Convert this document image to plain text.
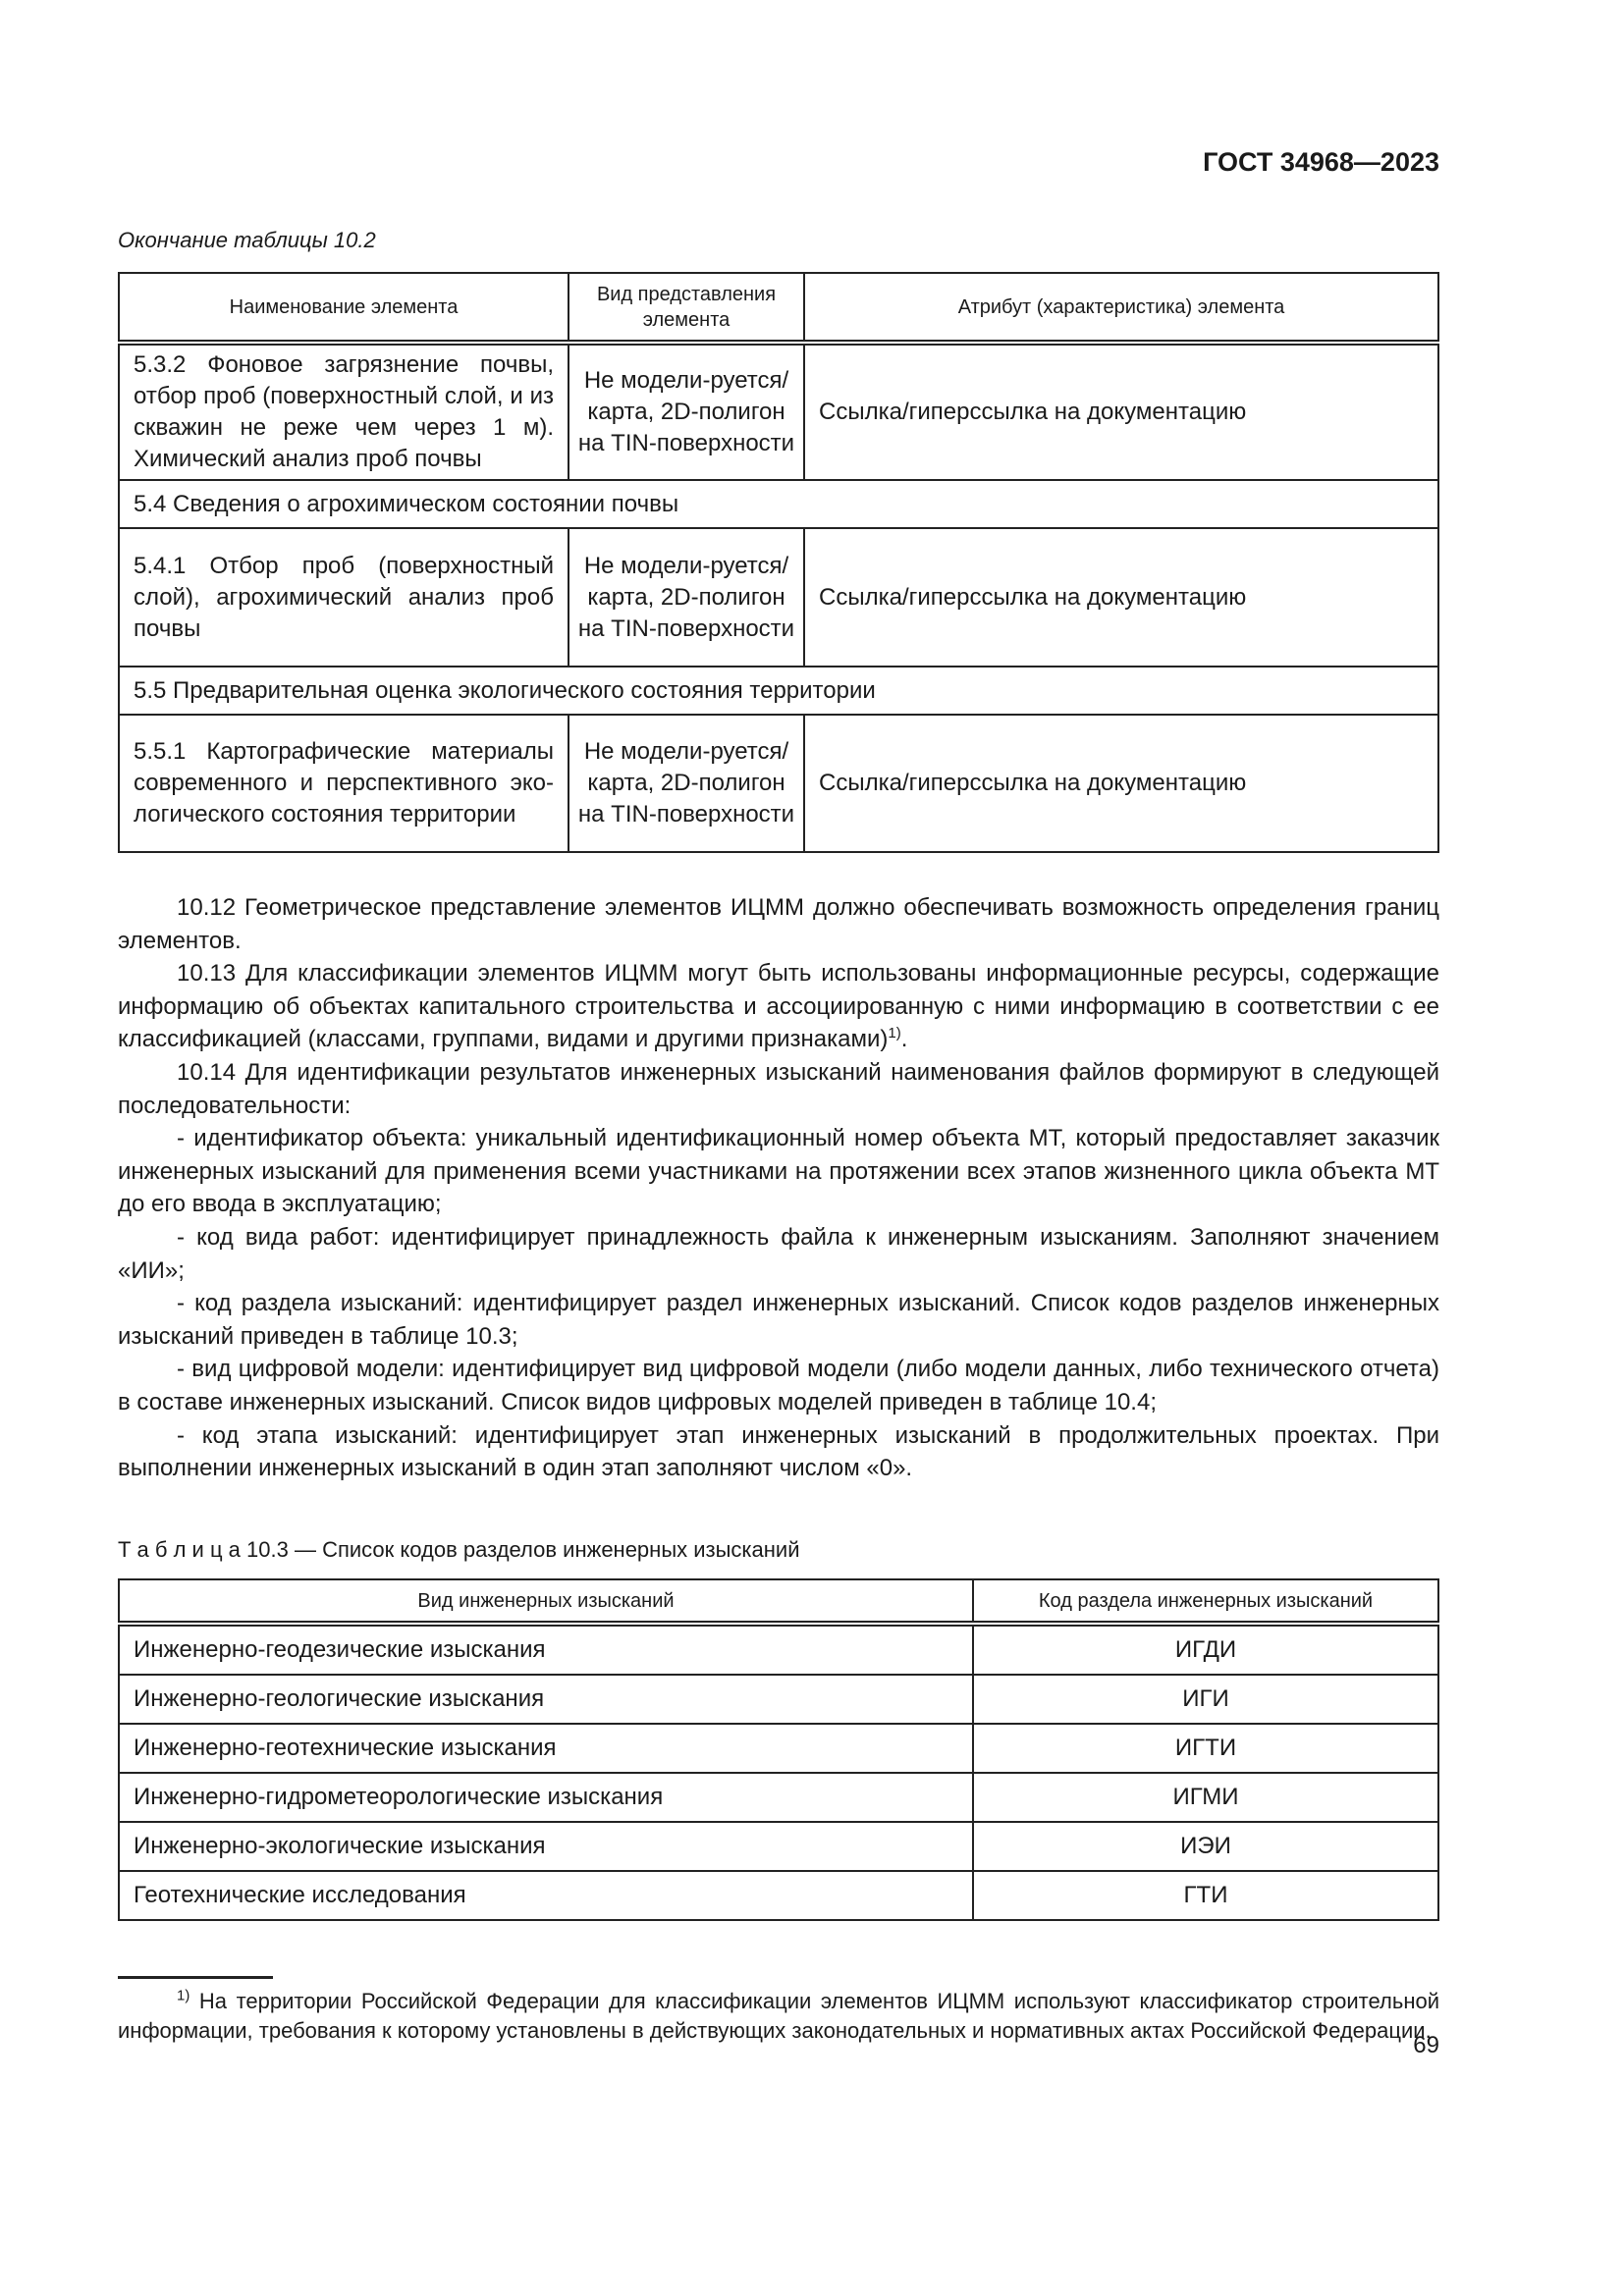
ГОСТ 34968—2023
Окончание таблицы 10.2
Наименование элемента	Вид представления элемента	Атрибут (характеристика) элемента
5.3.2 Фоновое загрязнение почвы, отбор проб (поверхностный слой, и из скважин не реже чем через 1 м). Химический анализ проб почвы	Не модели-руется/карта, 2D-полигон на TIN-поверхности	Ссылка/гиперссылка на документацию
5.4 Сведения о агрохимическом состоянии почвы		
5.4.1 Отбор проб (поверхностный слой), агрохимический анализ проб почвы	Не модели-руется/карта, 2D-полигон на TIN-поверхности	Ссылка/гиперссылка на документацию
5.5 Предварительная оценка экологического состояния территории		
5.5.1 Картографические материалы современного и перспективного эко-логического состояния территории	Не модели-руется/карта, 2D-полигон на TIN-поверхности	Ссылка/гиперссылка на документацию

10.12 Геометрическое представление элементов ИЦММ должно обеспечивать возможность определения границ элементов.

10.13 Для классификации элементов ИЦММ могут быть использованы информационные ресурсы, содержащие информацию об объектах капитального строительства и ассоциированную с ними информацию в соответствии с ее классификацией (классами, группами, видами и другими признаками)$^{1)}$.

10.14 Для идентификации результатов инженерных изысканий наименования файлов формируют в следующей последовательности:

- идентификатор объекта: уникальный идентификационный номер объекта МТ, который предоставляет заказчик инженерных изысканий для применения всеми участниками на протяжении всех этапов жизненного цикла объекта МТ до его ввода в эксплуатацию;

- код вида работ: идентифицирует принадлежность файла к инженерным изысканиям. Заполняют значением «ИИ»;

- код раздела изысканий: идентифицирует раздел инженерных изысканий. Список кодов разделов инженерных изысканий приведен в таблице 10.3;

- вид цифровой модели: идентифицирует вид цифровой модели (либо модели данных, либо технического отчета) в составе инженерных изысканий. Список видов цифровых моделей приведен в таблице 10.4;

- код этапа изысканий: идентифицирует этап инженерных изысканий в продолжительных проектах. При выполнении инженерных изысканий в один этап заполняют числом «0».

Т а б л и ц а 10.3 — Список кодов разделов инженерных изысканий
Вид инженерных изысканий	Код раздела инженерных изысканий
Инженерно-геодезические изыскания	ИГДИ
Инженерно-геологические изыскания	ИГИ
Инженерно-геотехнические изыскания	ИГТИ
Инженерно-гидрометеорологические изыскания	ИГМИ
Инженерно-экологические изыскания	ИЭИ
Геотехнические исследования	ГТИ
$^{1)}$ На территории Российской Федерации для классификации элементов ИЦММ используют классификатор строительной информации, требования к которому установлены в действующих законодательных и нормативных актах Российской Федерации.
69
